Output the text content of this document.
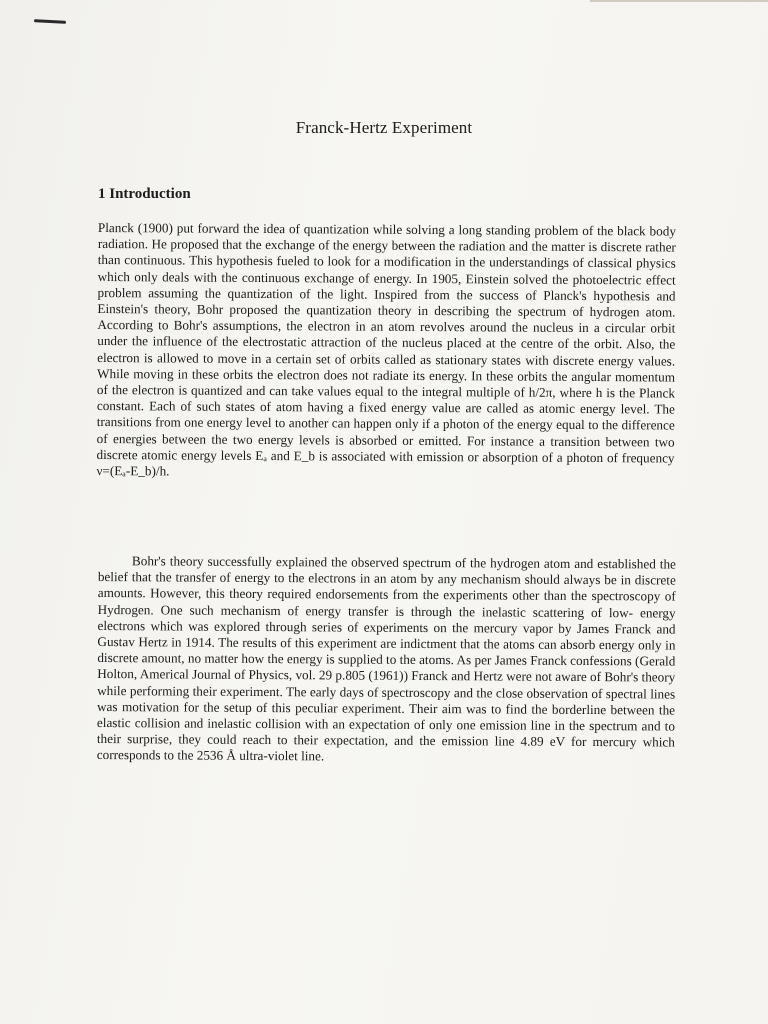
Franck-Hertz Experiment
1 Introduction

Planck (1900) put forward the idea of quantization while solving a long standing problem of the black body radiation. He proposed that the exchange of the energy between the radiation and the matter is discrete rather than continuous. This hypothesis fueled to look for a modification in the understandings of classical physics which only deals with the continuous exchange of energy. In 1905, Einstein solved the photoelectric effect problem assuming the quantization of the light. Inspired from the success of Planck's hypothesis and Einstein's theory, Bohr proposed the quantization theory in describing the spectrum of hydrogen atom. According to Bohr's assumptions, the electron in an atom revolves around the nucleus in a circular orbit under the influence of the electrostatic attraction of the nucleus placed at the centre of the orbit. Also, the electron is allowed to move in a certain set of orbits called as stationary states with discrete energy values. While moving in these orbits the electron does not radiate its energy. In these orbits the angular momentum of the electron is quantized and can take values equal to the integral multiple of h/2π, where h is the Planck constant. Each of such states of atom having a fixed energy value are called as atomic energy level. The transitions from one energy level to another can happen only if a photon of the energy equal to the difference of energies between the two energy levels is absorbed or emitted. For instance a transition between two discrete atomic energy levels Eₐ and E_b is associated with emission or absorption of a photon of frequency ν=(Eₐ-E_b)/h.

Bohr's theory successfully explained the observed spectrum of the hydrogen atom and established the belief that the transfer of energy to the electrons in an atom by any mechanism should always be in discrete amounts. However, this theory required endorsements from the experiments other than the spectroscopy of Hydrogen. One such mechanism of energy transfer is through the inelastic scattering of low- energy electrons which was explored through series of experiments on the mercury vapor by James Franck and Gustav Hertz in 1914. The results of this experiment are indictment that the atoms can absorb energy only in discrete amount, no matter how the energy is supplied to the atoms. As per James Franck confessions (Gerald Holton, Americal Journal of Physics, vol. 29 p.805 (1961)) Franck and Hertz were not aware of Bohr's theory while performing their experiment. The early days of spectroscopy and the close observation of spectral lines was motivation for the setup of this peculiar experiment. Their aim was to find the borderline between the elastic collision and inelastic collision with an expectation of only one emission line in the spectrum and to their surprise, they could reach to their expectation, and the emission line 4.89 eV for mercury which corresponds to the 2536 Å ultra-violet line.
